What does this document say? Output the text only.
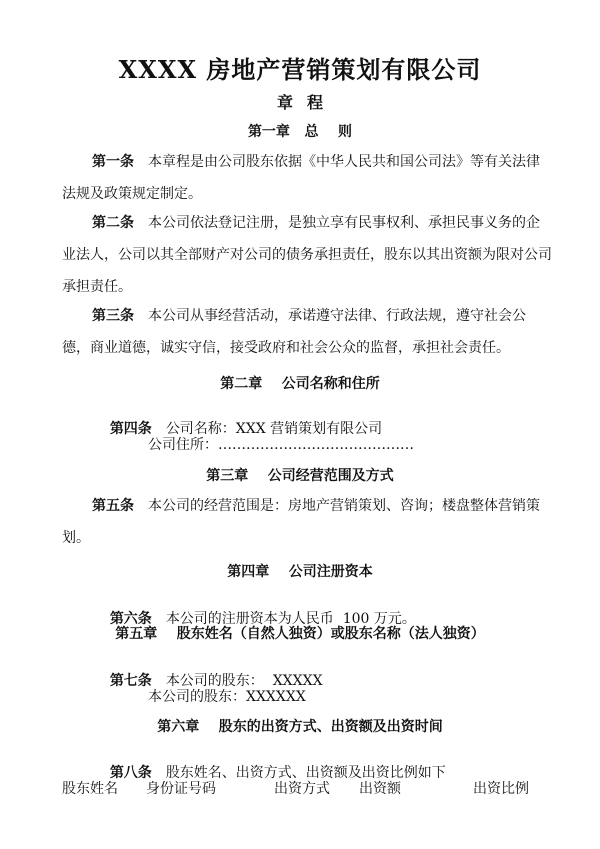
XXXX 房地产营销策划有限公司
章程
第一章   总    则
第一条 本章程是由公司股东依据《中华人民共和国公司法》等有关法律法规及政策规定制定。
第二条 本公司依法登记注册，是独立享有民事权利、承担民事义务的企业法人，公司以其全部财产对公司的债务承担责任，股东以其出资额为限对公司承担责任。
第三条 本公司从事经营活动，承诺遵守法律、行政法规，遵守社会公德，商业道德，诚实守信，接受政府和社会公众的监督，承担社会责任。
第二章    公司名称和住所

第四条 公司名称：XXX 营销策划有限公司

公司住所：……………………………………
第三章    公司经营范围及方式
第五条 本公司的经营范围是：房地产营销策划、咨询；楼盘整体营销策划。
第四章    公司注册资本

第六条 本公司的注册资本为人民币  100 万元。

第五章    股东姓名（自然人独资）或股东名称（法人独资）

第七条 本公司的股东：  XXXXX

本公司的股东：XXXXXX
第六章    股东的出资方式、出资额及出资时间

第八条 股东姓名、出资方式、出资额及出资比例如下

股东姓名 身份证号码	出资方式 出资额	出资比例
